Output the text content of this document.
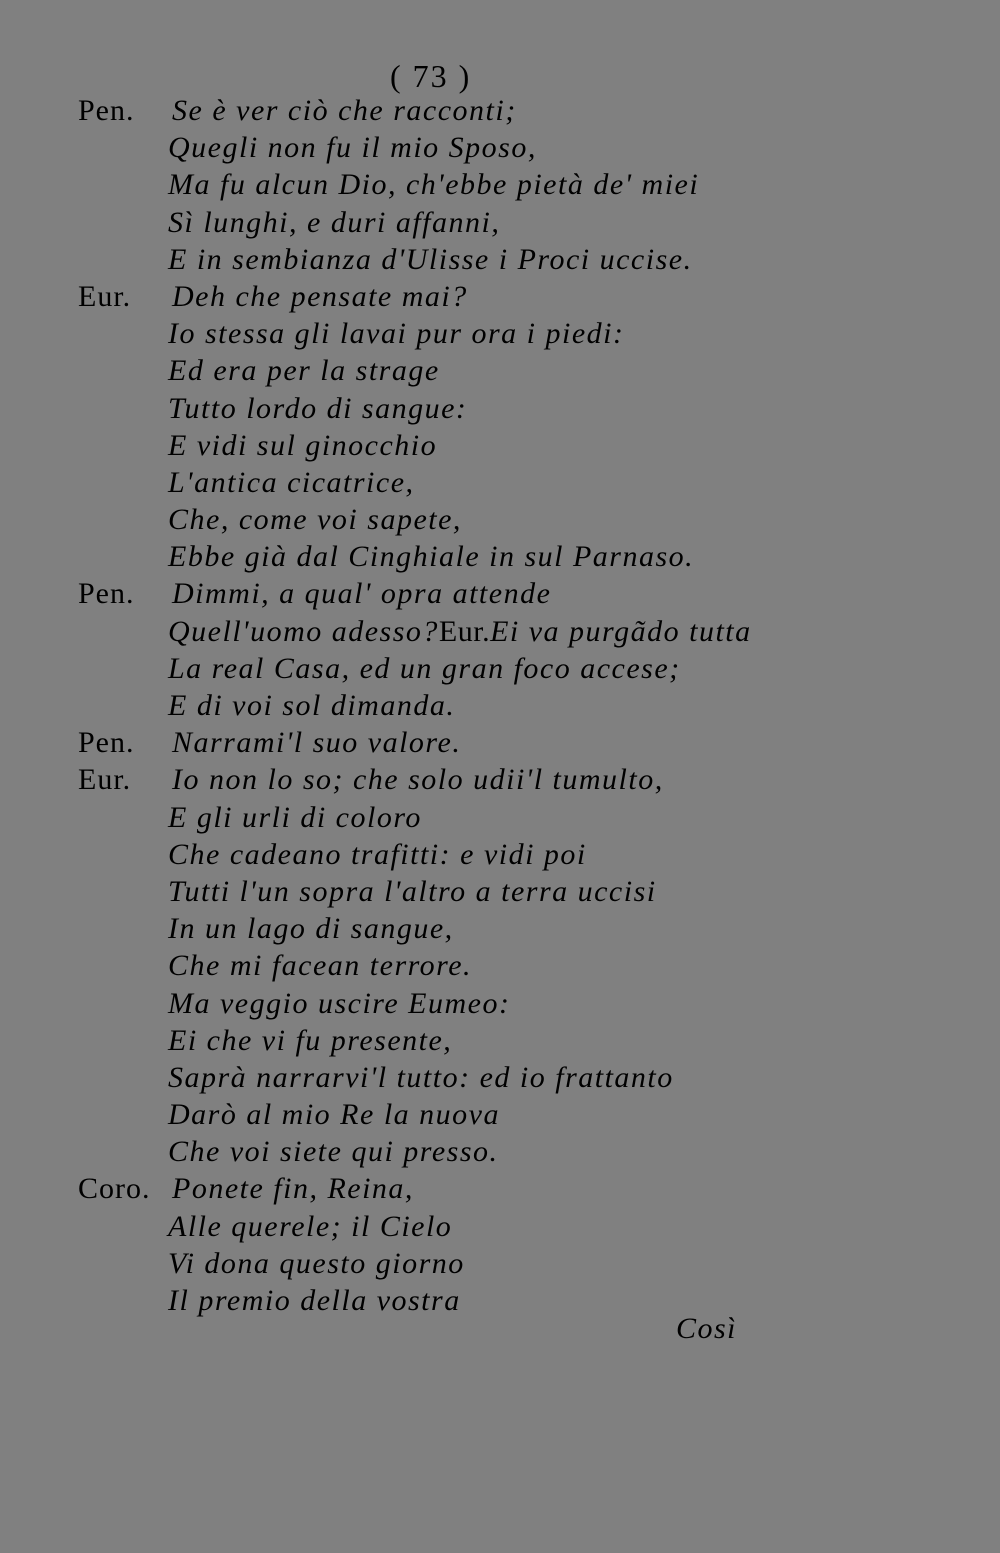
( 73 )
Pen. Se è ver ciò che racconti;
Quegli non fu il mio Sposo,
Ma fu alcun Dio, ch'ebbe pietà de' miei
Sì lunghi, e duri affanni,
E in sembianza d'Ulisse i Proci uccise.
Eur. Deh che pensate mai?
Io stessa gli lavai pur ora i piedi:
Ed era per la strage
Tutto lordo di sangue:
E vidi sul ginocchio
L'antica cicatrice,
Che, come voi sapete,
Ebbe già dal Cinghiale in sul Parnaso.
Pen. Dimmi, a qual' opra attende
Quell'uomo adesso?Eur.Ei va purgãdo tutta
La real Casa, ed un gran foco accese;
E di voi sol dimanda.
Pen. Narrami'l suo valore.
Eur. Io non lo so; che solo udii'l tumulto,
E gli urli di coloro
Che cadeano trafitti: e vidi poi
Tutti l'un sopra l'altro a terra uccisi
In un lago di sangue,
Che mi facean terrore.
Ma veggio uscire Eumeo:
Ei che vi fu presente,
Saprà narrarvi'l tutto: ed io frattanto
Darò al mio Re la nuova
Che voi siete qui presso.
Coro. Ponete fin, Reina,
Alle querele; il Cielo
Vi dona questo giorno
Il premio della vostra
Così
